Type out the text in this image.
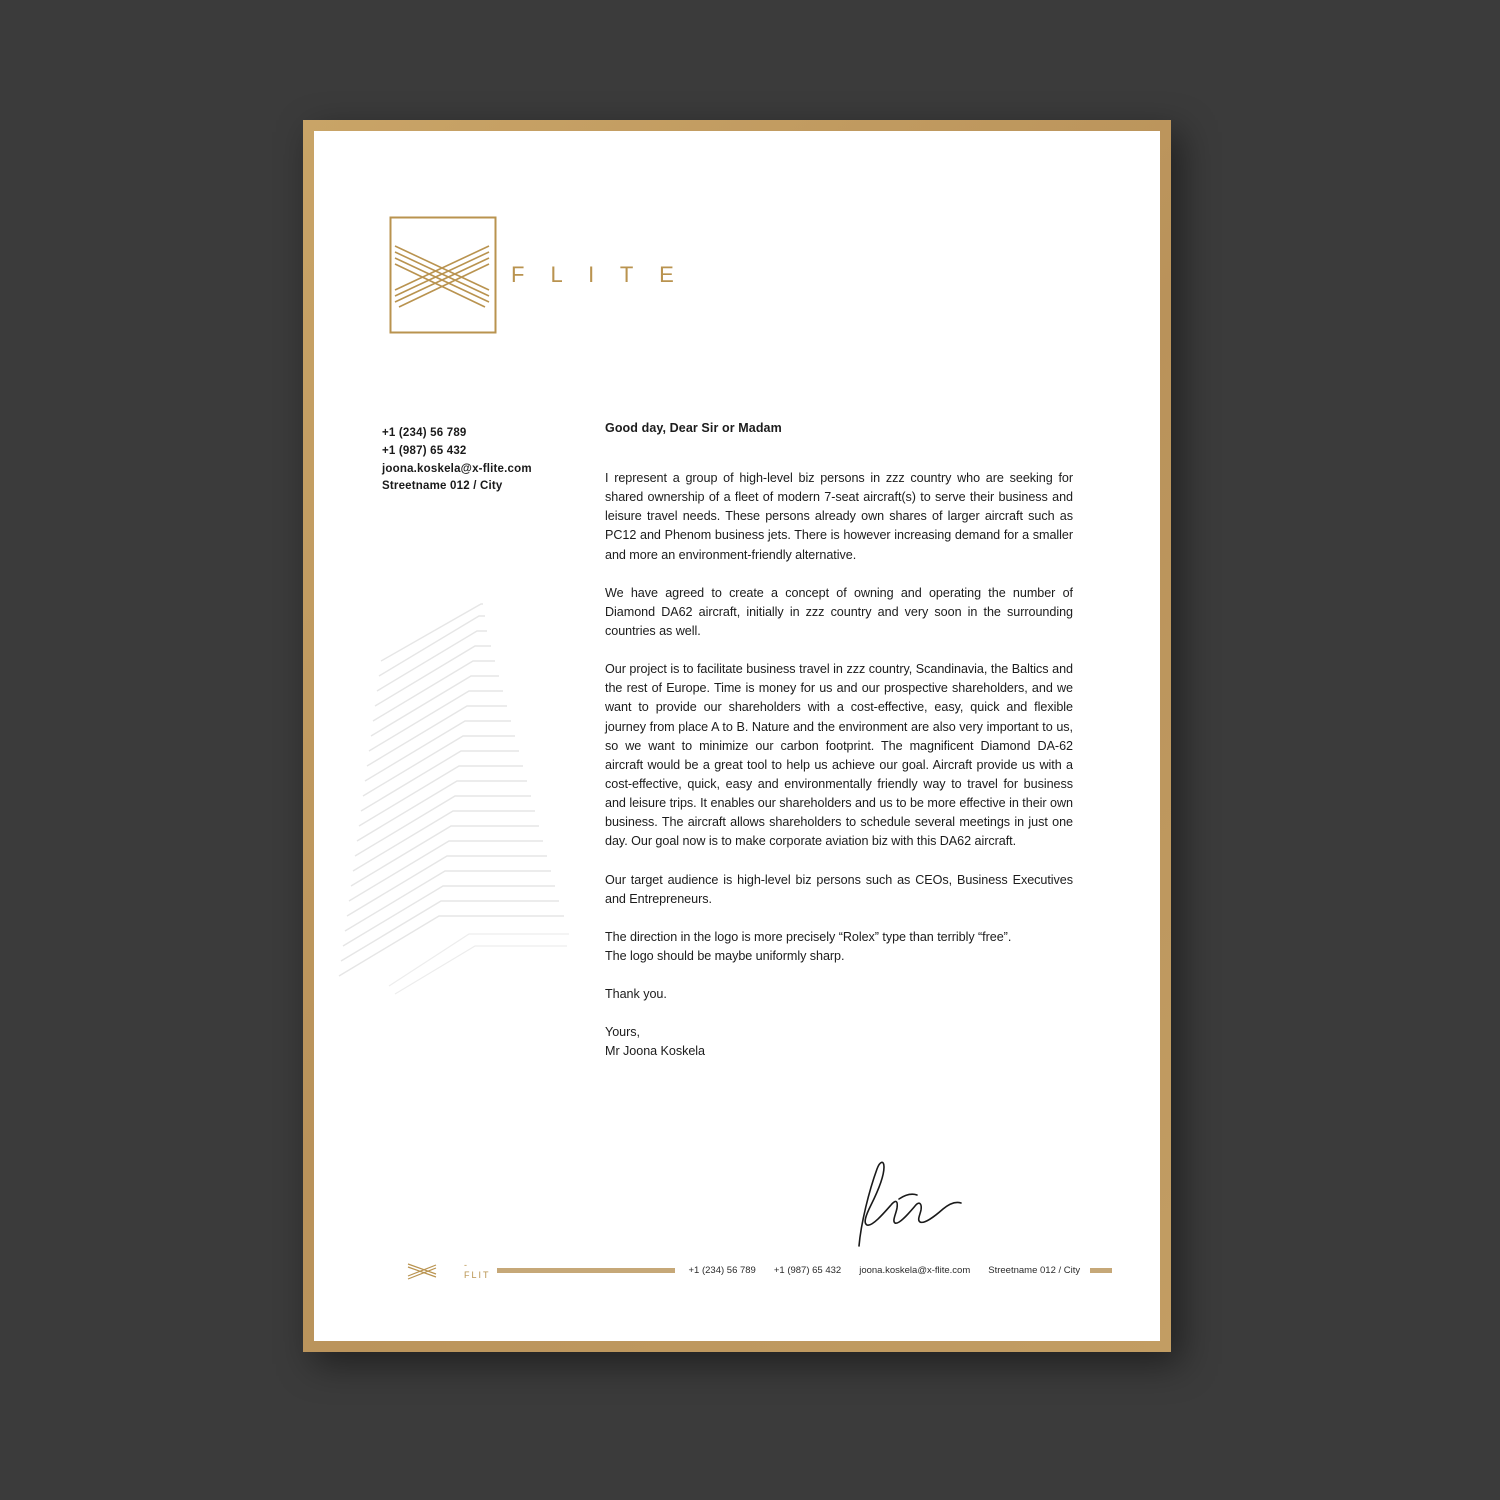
F L I T E
+1 (234) 56 789
+1 (987) 65 432
joona.koskela@x-flite.com
Streetname 012 / City
Good day, Dear Sir or Madam

I represent a group of high-level biz persons in zzz country who are seeking for shared ownership of a fleet of modern 7-seat aircraft(s) to serve their business and leisure travel needs. These persons already own shares of larger aircraft such as PC12 and Phenom business jets. There is however increasing demand for a smaller and more an environment-friendly alternative.

We have agreed to create a concept of owning and operating the number of Diamond DA62 aircraft, initially in zzz country and very soon in the surrounding countries as well.

Our project is to facilitate business travel in zzz country, Scandinavia, the Baltics and the rest of Europe. Time is money for us and our prospective shareholders, and we want to provide our shareholders with a cost-effective, easy, quick and flexible journey from place A to B. Nature and the environment are also very important to us, so we want to minimize our carbon footprint. The magnificent Diamond DA-62 aircraft would be a great tool to help us achieve our goal. Aircraft provide us with a cost-effective, quick, easy and environmentally friendly way to travel for business and leisure trips. It enables our shareholders and us to be more effective in their own business. The aircraft allows shareholders to schedule several meetings in just one day. Our goal now is to make corporate aviation biz with this DA62 aircraft.

Our target audience is high-level biz persons such as CEOs, Business Executives and Entrepreneurs.

The direction in the logo is more precisely “Rolex” type than terribly “free”.

The logo should be maybe uniformly sharp.

Thank you.

Yours,

Mr Joona Koskela

-FLIT	+1 (234) 56 789 +1 (987) 65 432 joona.koskela@x-flite.com Streetname 012 / City
